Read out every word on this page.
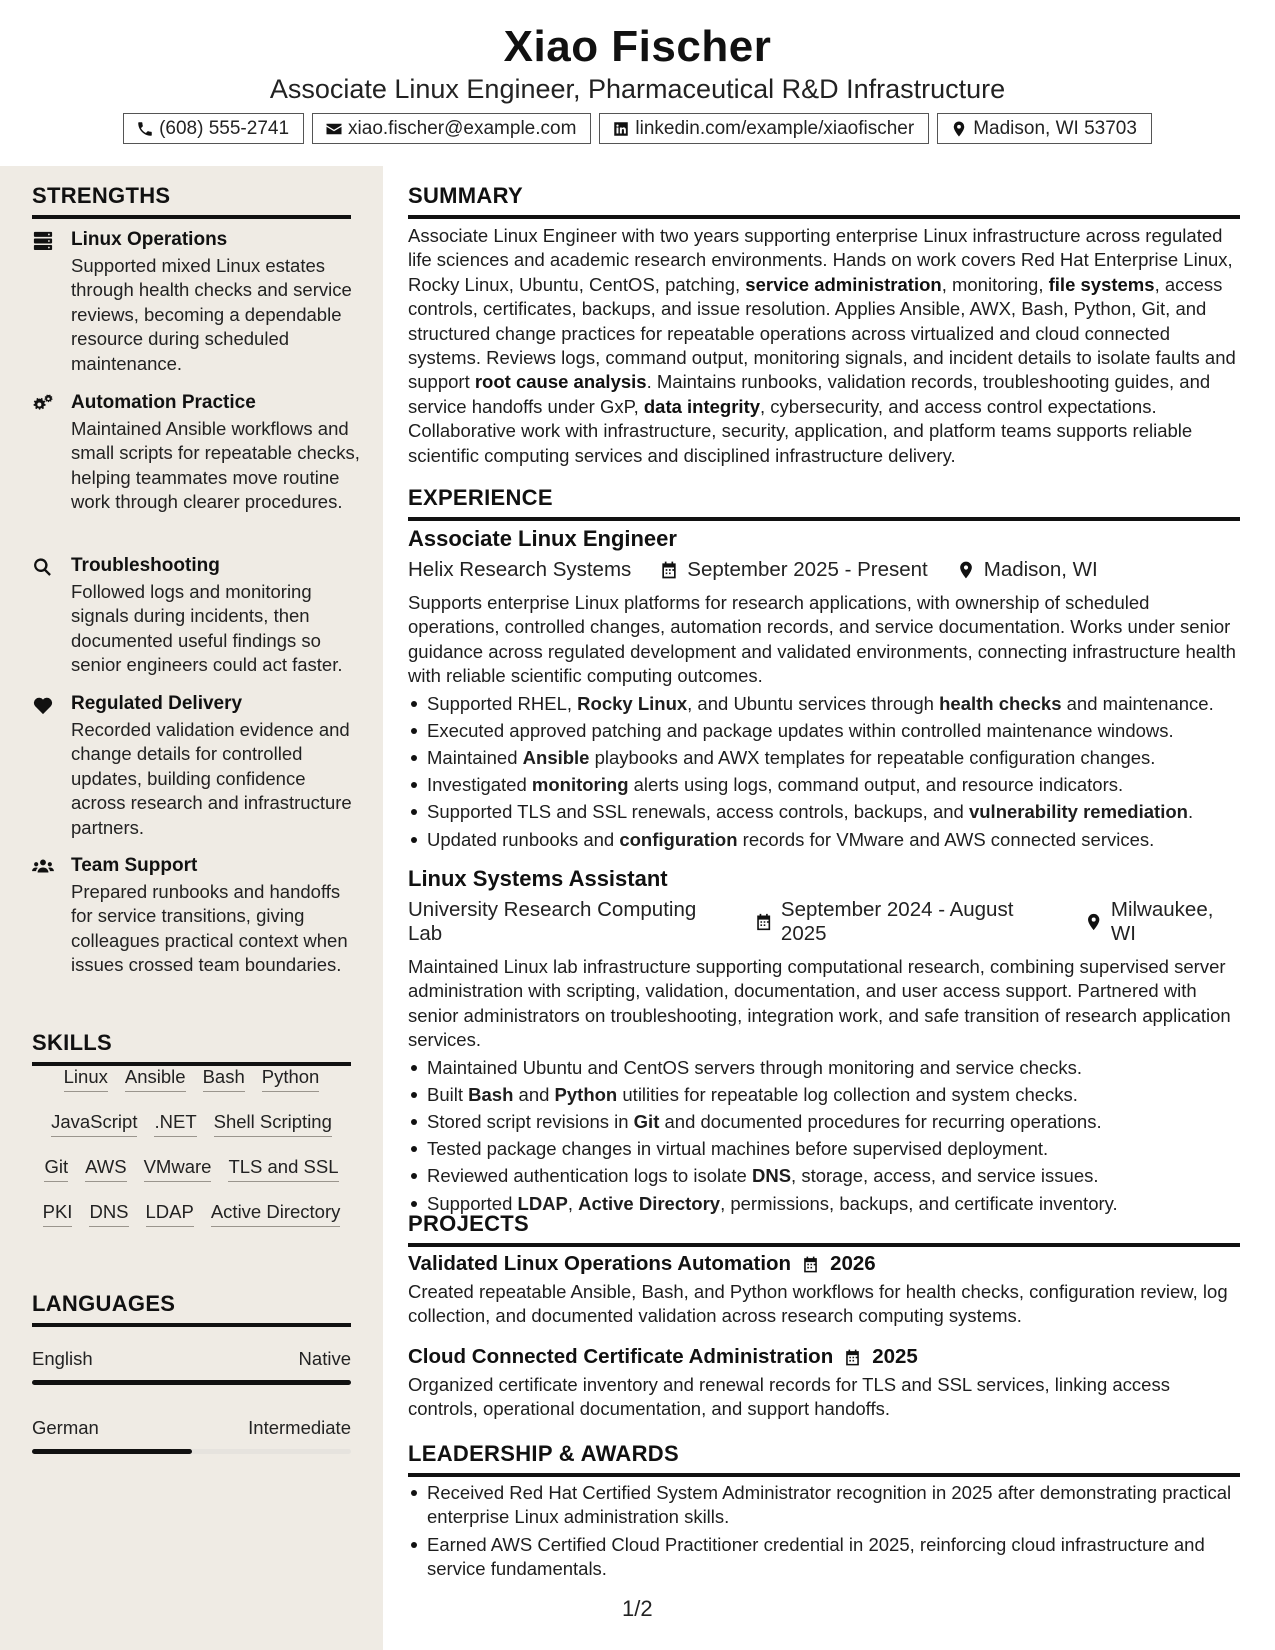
Xiao Fischer
Associate Linux Engineer, Pharmaceutical R&D Infrastructure
(608) 555-2741	xiao.fischer@example.com	linkedin.com/example/xiaofischer	Madison, WI 53703
STRENGTHS
Linux Operations
Supported mixed Linux estates through health checks and service reviews, becoming a dependable resource during scheduled maintenance.
Automation Practice
Maintained Ansible workflows and small scripts for repeatable checks, helping teammates move routine work through clearer procedures.
Troubleshooting
Followed logs and monitoring signals during incidents, then documented useful findings so senior engineers could act faster.
Regulated Delivery
Recorded validation evidence and change details for controlled updates, building confidence across research and infrastructure partners.
Team Support
Prepared runbooks and handoffs for service transitions, giving colleagues practical context when issues crossed team boundaries.
SKILLS
Linux Ansible Bash Python
JavaScript .NET Shell Scripting
Git AWS VMware TLS and SSL
PKI DNS LDAP Active Directory
LANGUAGES
English	Native
German	Intermediate
SUMMARY
Associate Linux Engineer with two years supporting enterprise Linux infrastructure across regulated life sciences and academic research environments. Hands on work covers Red Hat Enterprise Linux, Rocky Linux, Ubuntu, CentOS, patching, service administration, monitoring, file systems, access controls, certificates, backups, and issue resolution. Applies Ansible, AWX, Bash, Python, Git, and structured change practices for repeatable operations across virtualized and cloud connected systems. Reviews logs, command output, monitoring signals, and incident details to isolate faults and support root cause analysis. Maintains runbooks, validation records, troubleshooting guides, and service handoffs under GxP, data integrity, cybersecurity, and access control expectations. Collaborative work with infrastructure, security, application, and platform teams supports reliable scientific computing services and disciplined infrastructure delivery.
EXPERIENCE
Associate Linux Engineer
Helix Research Systems	September 2025 - Present	Madison, WI
Supports enterprise Linux platforms for research applications, with ownership of scheduled operations, controlled changes, automation records, and service documentation. Works under senior guidance across regulated development and validated environments, connecting infrastructure health with reliable scientific computing outcomes.
Supported RHEL, Rocky Linux, and Ubuntu services through health checks and maintenance.
Executed approved patching and package updates within controlled maintenance windows.
Maintained Ansible playbooks and AWX templates for repeatable configuration changes.
Investigated monitoring alerts using logs, command output, and resource indicators.
Supported TLS and SSL renewals, access controls, backups, and vulnerability remediation.
Updated runbooks and configuration records for VMware and AWS connected services.
Linux Systems Assistant
University Research Computing Lab
September 2024 - August 2025
Milwaukee, WI
Maintained Linux lab infrastructure supporting computational research, combining supervised server administration with scripting, validation, documentation, and user access support. Partnered with senior administrators on troubleshooting, integration work, and safe transition of research application services.
Maintained Ubuntu and CentOS servers through monitoring and service checks.
Built Bash and Python utilities for repeatable log collection and system checks.
Stored script revisions in Git and documented procedures for recurring operations.
Tested package changes in virtual machines before supervised deployment.
Reviewed authentication logs to isolate DNS, storage, access, and service issues.
Supported LDAP, Active Directory, permissions, backups, and certificate inventory.
PROJECTS
Validated Linux Operations Automation 2026
Created repeatable Ansible, Bash, and Python workflows for health checks, configuration review, log collection, and documented validation across research computing systems.
Cloud Connected Certificate Administration 2025
Organized certificate inventory and renewal records for TLS and SSL services, linking access controls, operational documentation, and support handoffs.
LEADERSHIP & AWARDS
Received Red Hat Certified System Administrator recognition in 2025 after demonstrating practical enterprise Linux administration skills.
Earned AWS Certified Cloud Practitioner credential in 2025, reinforcing cloud infrastructure and service fundamentals.
1/2
